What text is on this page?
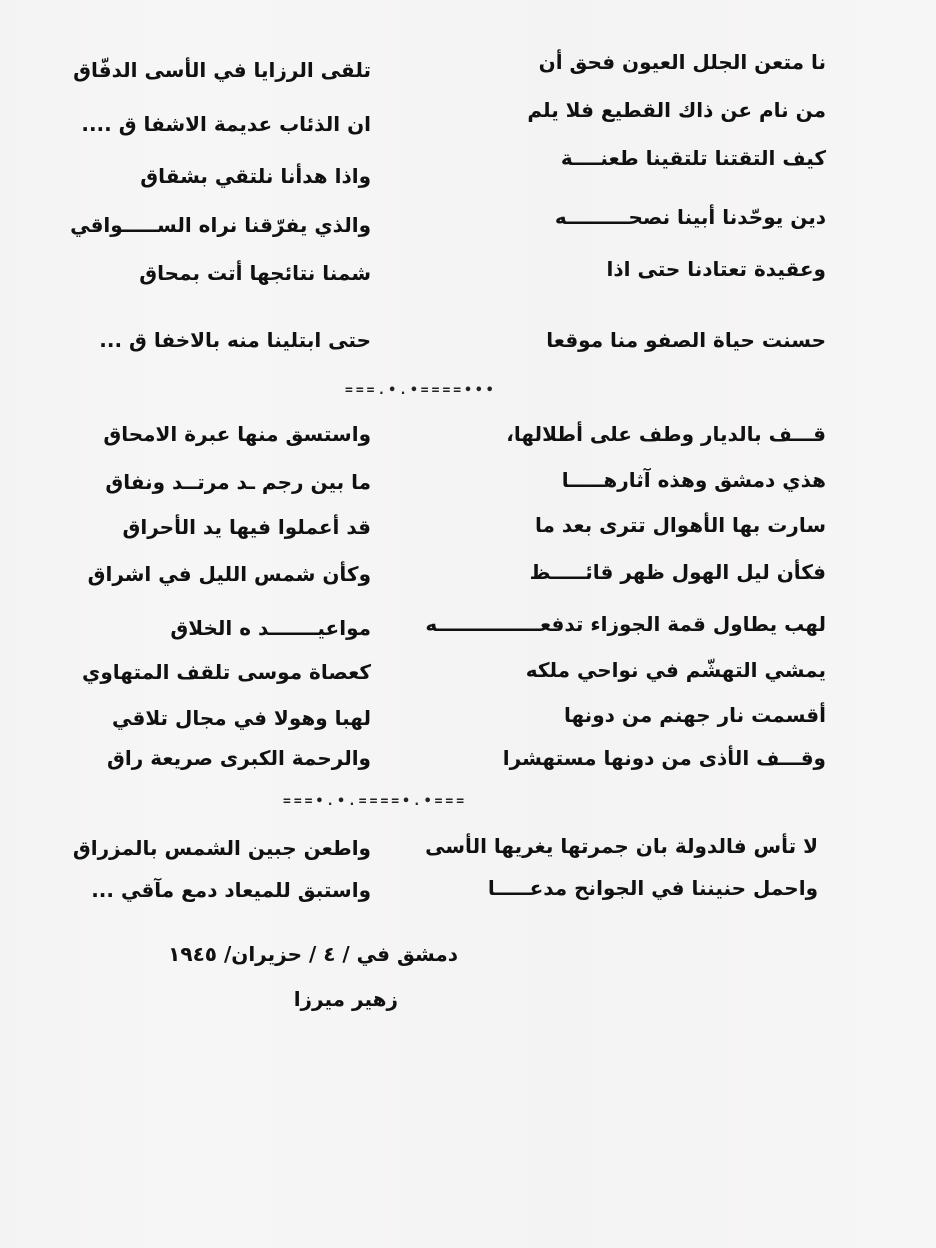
نا متعن الجلل العيون فحق أن
تلقى الرزايا في الأسى الدفّاق
من نام عن ذاك القطيع فلا يلم
ان الذئاب عديمة الاشفا ق ....
كيف التقتنا تلتقينا طعنــــة
واذا هدأنا نلتقي بشقاق
دين يوحّدنا أبينا نصحـــــــــه
والذي يفرّقنا نراه الســـــواقي
وعقيدة تعتادنا حتى اذا
شمنا نتائجها أتت بمحاق
حسنت حياة الصفو منا موقعا
حتى ابتلينا منه بالاخفا ق ...
===.•.•====•••
قـــف بالديار وطف على أطلالها،
واستسق منها عبرة الامحاق
هذي دمشق وهذه آثارهـــــا
ما بين رجم ـد مرتــد ونفاق
سارت بها الأهوال تترى بعد ما
قد أعملوا فيها يد الأحراق
فكأن ليل الهول ظهر قائـــــظ
وكأن شمس الليل في اشراق
لهب يطاول قمة الجوزاء تدفعـــــــــــــــه
مواعيـــــــد ه الخلاق
يمشي التهشّم في نواحي ملكه
كعصاة موسى تلقف المتهاوي
أقسمت نار جهنم من دونها
لهبا وهولا في مجال تلاقي
وقـــف الأذى من دونها مستهشرا
والرحمة الكبرى صريعة راق
===•.•.====•.•===
لا تأس فالدولة بان جمرتها يغريها الأسى
واطعن جبين الشمس بالمزراق
واحمل حنيننا في الجوانح مدعـــــا
واستبق للميعاد دمع مآقي ...
دمشق في / ٤ / حزيران/ ١٩٤٥
زهير ميرزا
